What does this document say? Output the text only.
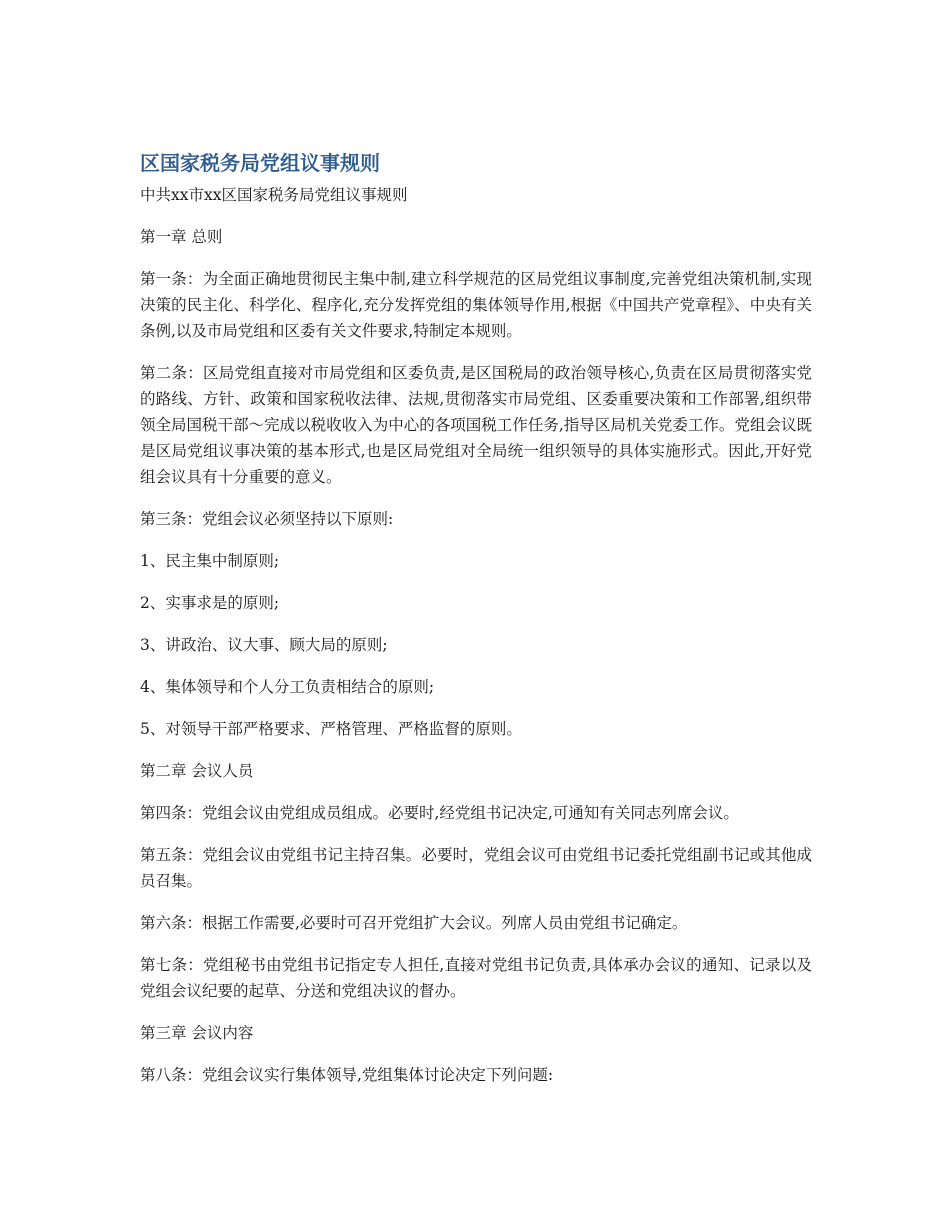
区国家税务局党组议事规则

中共xx市xx区国家税务局党组议事规则

第一章 总则

第一条：为全面正确地贯彻民主集中制,建立科学规范的区局党组议事制度,完善党组决策机制,实现决策的民主化、科学化、程序化,充分发挥党组的集体领导作用,根据《中国共产党章程》、中央有关条例,以及市局党组和区委有关文件要求,特制定本规则。

第二条：区局党组直接对市局党组和区委负责,是区国税局的政治领导核心,负责在区局贯彻落实党的路线、方针、政策和国家税收法律、法规,贯彻落实市局党组、区委重要决策和工作部署,组织带领全局国税干部～完成以税收收入为中心的各项国税工作任务,指导区局机关党委工作。党组会议既是区局党组议事决策的基本形式,也是区局党组对全局统一组织领导的具体实施形式。因此,开好党组会议具有十分重要的意义。

第三条：党组会议必须坚持以下原则:

1、民主集中制原则;

2、实事求是的原则;

3、讲政治、议大事、顾大局的原则;

4、集体领导和个人分工负责相结合的原则;

5、对领导干部严格要求、严格管理、严格监督的原则。

第二章 会议人员

第四条：党组会议由党组成员组成。必要时,经党组书记决定,可通知有关同志列席会议。

第五条：党组会议由党组书记主持召集。必要时，党组会议可由党组书记委托党组副书记或其他成员召集。

第六条：根据工作需要,必要时可召开党组扩大会议。列席人员由党组书记确定。

第七条：党组秘书由党组书记指定专人担任,直接对党组书记负责,具体承办会议的通知、记录以及党组会议纪要的起草、分送和党组决议的督办。

第三章 会议内容

第八条：党组会议实行集体领导,党组集体讨论决定下列问题:
